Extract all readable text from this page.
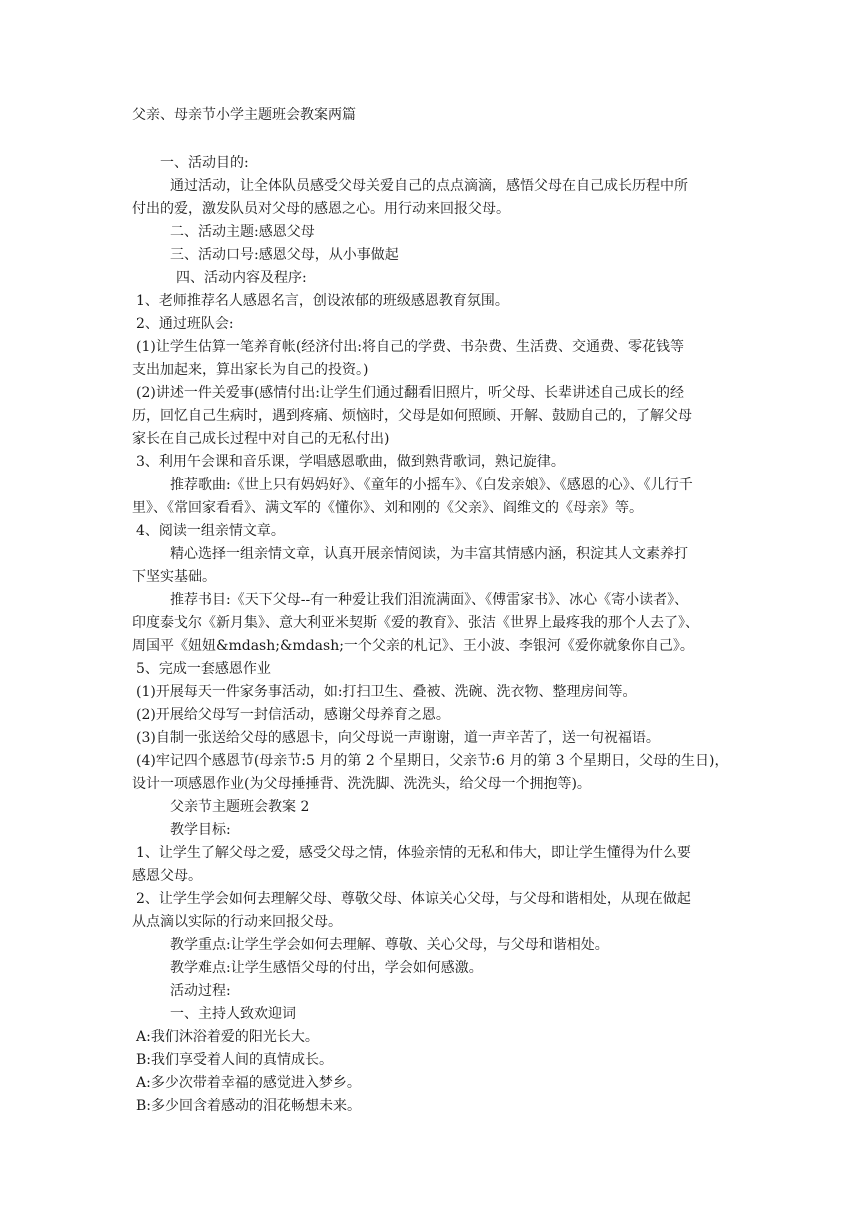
父亲、母亲节小学主题班会教案两篇

一、活动目的:

通过活动，让全体队员感受父母关爱自己的点点滴滴，感悟父母在自己成长历程中所

付出的爱，激发队员对父母的感恩之心。用行动来回报父母。

二、活动主题:感恩父母

三、活动口号:感恩父母，从小事做起

四、活动内容及程序:

1、老师推荐名人感恩名言，创设浓郁的班级感恩教育氛围。

2、通过班队会:

(1)让学生估算一笔养育帐(经济付出:将自己的学费、书杂费、生活费、交通费、零花钱等

支出加起来，算出家长为自己的投资。)

(2)讲述一件关爱事(感情付出:让学生们通过翻看旧照片，听父母、长辈讲述自己成长的经

历，回忆自己生病时，遇到疼痛、烦恼时，父母是如何照顾、开解、鼓励自己的，了解父母

家长在自己成长过程中对自己的无私付出)

3、利用午会课和音乐课，学唱感恩歌曲，做到熟背歌词，熟记旋律。

推荐歌曲:《世上只有妈妈好》、《童年的小摇车》、《白发亲娘》、《感恩的心》、《儿行千

里》、《常回家看看》、满文军的《懂你》、刘和刚的《父亲》、阎维文的《母亲》等。

4、阅读一组亲情文章。

精心选择一组亲情文章，认真开展亲情阅读，为丰富其情感内涵，积淀其人文素养打

下坚实基础。

推荐书目:《天下父母--有一种爱让我们泪流满面》、《傅雷家书》、冰心《寄小读者》、

印度泰戈尔《新月集》、意大利亚米契斯《爱的教育》、张洁《世界上最疼我的那个人去了》、

周国平《妞妞&mdash;&mdash;一个父亲的札记》、王小波、李银河《爱你就象你自己》。

5、完成一套感恩作业

(1)开展每天一件家务事活动，如:打扫卫生、叠被、洗碗、洗衣物、整理房间等。

(2)开展给父母写一封信活动，感谢父母养育之恩。

(3)自制一张送给父母的感恩卡，向父母说一声谢谢，道一声辛苦了，送一句祝福语。

(4)牢记四个感恩节(母亲节:5 月的第 2 个星期日，父亲节:6 月的第 3 个星期日，父母的生日)，

设计一项感恩作业(为父母捶捶背、洗洗脚、洗洗头，给父母一个拥抱等)。

父亲节主题班会教案 2

教学目标:

1、让学生了解父母之爱，感受父母之情，体验亲情的无私和伟大，即让学生懂得为什么要

感恩父母。

2、让学生学会如何去理解父母、尊敬父母、体谅关心父母，与父母和谐相处，从现在做起

从点滴以实际的行动来回报父母。

教学重点:让学生学会如何去理解、尊敬、关心父母，与父母和谐相处。

教学难点:让学生感悟父母的付出，学会如何感激。

活动过程:

一、主持人致欢迎词

A:我们沐浴着爱的阳光长大。

B:我们享受着人间的真情成长。

A:多少次带着幸福的感觉进入梦乡。

B:多少回含着感动的泪花畅想未来。
